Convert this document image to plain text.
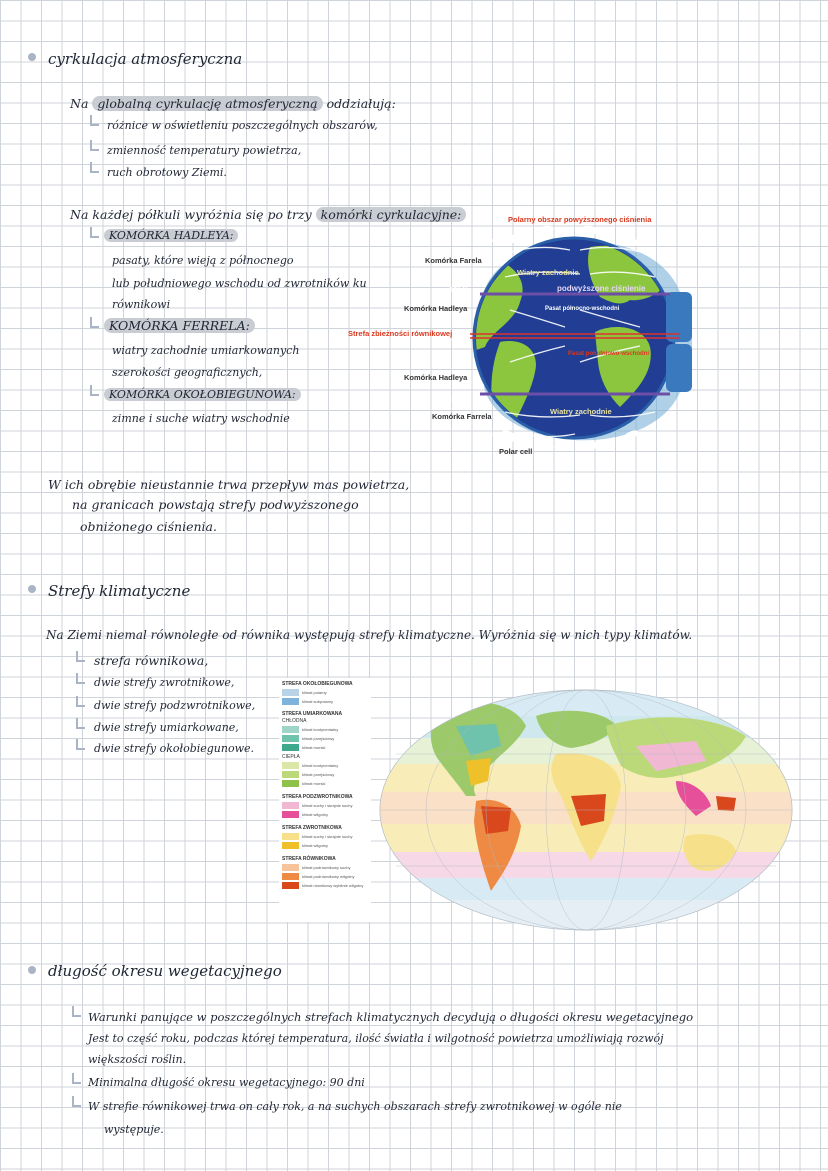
cyrkulacja atmosferyczna
Na globalną cyrkulację atmosferyczną oddziałują:
różnice w oświetleniu poszczególnych obszarów,
zmienność temperatury powietrza,
ruch obrotowy Ziemi.
Na każdej półkuli wyróżnia się po trzy komórki cyrkulacyjne:
KOMÓRKA HADLEYA:
pasaty, które wieją z północnego
lub południowego wschodu od zwrotników ku
równikowi
KOMÓRKA FERRELA:
wiatry zachodnie umiarkowanych
szerokości geograficznych,
KOMÓRKA OKOŁOBIEGUNOWA:
zimne i suche wiatry wschodnie
W ich obrębie nieustannie trwa przepływ mas powietrza,
na granicach powstają strefy podwyższonego
obniżonego ciśnienia.
Polarny obszar powyższonego ciśnienia
60° N
Komórka Farela
Wiatry zachodnie
30° N	podwyższone ciśnienie
Komórka Hadleya	Pasat północno-wschodni
Strefa zbieżności równikowej
0°
Pasat południowo-wschodni
Komórka Hadleya
30° S
Wiatry zachodnie
Komórka Farrela
60° S
Polar cell
Strefy klimatyczne
Na Ziemi niemal równoległe od równika występują strefy klimatyczne. Wyróżnia się w nich typy klimatów.
strefa równikowa,
dwie strefy zwrotnikowe,
dwie strefy podzwrotnikowe,
dwie strefy umiarkowane,
dwie strefy okołobiegunowe.
STREFA OKOŁOBIEGUNOWA
klimat polarny
klimat subpolarny
STREFA UMIARKOWANA
CHŁODNA
klimat kontynentalny
klimat przejściowy
klimat morski
CIEPŁA
klimat kontynentalny
klimat przejściowy
klimat morski
STREFA PODZWROTNIKOWA
klimat suchy i skrajnie suchy
klimat wilgotny
STREFA ZWROTNIKOWA
klimat suchy i skrajnie suchy
klimat wilgotny
STREFA RÓWNIKOWA
klimat podrównikowy suchy
klimat podrównikowy wilgotny
klimat równikowy wybitnie wilgotny
długość okresu wegetacyjnego
Warunki panujące w poszczególnych strefach klimatycznych decydują o długości okresu wegetacyjnego
Jest to część roku, podczas której temperatura, ilość światła i wilgotność powietrza umożliwiają rozwój
większości roślin.
Minimalna długość okresu wegetacyjnego: 90 dni
W strefie równikowej trwa on cały rok, a na suchych obszarach strefy zwrotnikowej w ogóle nie
występuje.
